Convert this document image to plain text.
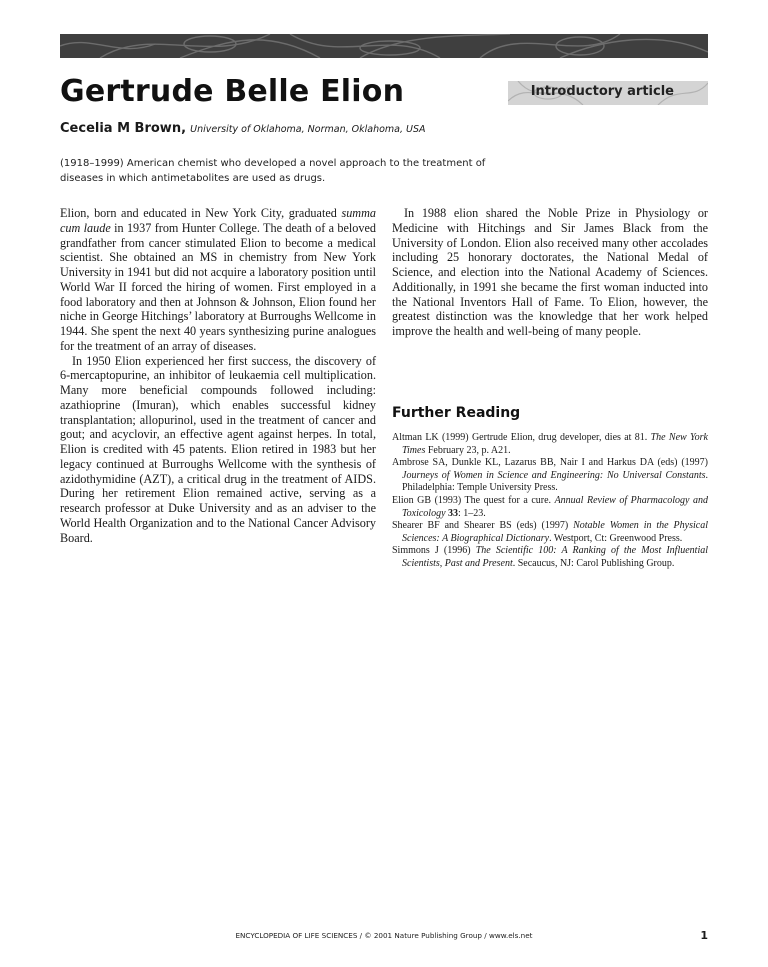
Gertrude Belle Elion	Introductory article
Cecelia M Brown, University of Oklahoma, Norman, Oklahoma, USA

(1918–1999) American chemist who developed a novel approach to the treatment of diseases in which antimetabolites are used as drugs.

Elion, born and educated in New York City, graduated summa cum laude in 1937 from Hunter College. The death of a beloved grandfather from cancer stimulated Elion to become a medical scientist. She obtained an MS in chemistry from New York University in 1941 but did not acquire a laboratory position until World War II forced the hiring of women. First employed in a food laboratory and then at Johnson & Johnson, Elion found her niche in George Hitchings’ laboratory at Burroughs Wellcome in 1944. She spent the next 40 years synthesizing purine analogues for the treatment of an array of diseases.

In 1950 Elion experienced her first success, the discovery of 6-mercaptopurine, an inhibitor of leukaemia cell multiplication. Many more beneficial compounds followed including: azathioprine (Imuran), which enables successful kidney transplantation; allopurinol, used in the treatment of cancer and gout; and acyclovir, an effective agent against herpes. In total, Elion is credited with 45 patents. Elion retired in 1983 but her legacy continued at Burroughs Wellcome with the synthesis of azidothymidine (AZT), a critical drug in the treatment of AIDS. During her retirement Elion remained active, serving as a research professor at Duke University and as an adviser to the World Health Organization and to the National Cancer Advisory Board.

In 1988 elion shared the Noble Prize in Physiology or Medicine with Hitchings and Sir James Black from the University of London. Elion also received many other accolades including 25 honorary doctorates, the National Medal of Science, and election into the National Academy of Sciences. Additionally, in 1991 she became the first woman inducted into the National Inventors Hall of Fame. To Elion, however, the greatest distinction was the knowledge that her work helped improve the health and well-being of many people.

Further Reading
Altman LK (1999) Gertrude Elion, drug developer, dies at 81. The New York Times February 23, p. A21.
Ambrose SA, Dunkle KL, Lazarus BB, Nair I and Harkus DA (eds) (1997) Journeys of Women in Science and Engineering: No Universal Constants. Philadelphia: Temple University Press.
Elion GB (1993) The quest for a cure. Annual Review of Pharmacology and Toxicology 33: 1–23.
Shearer BF and Shearer BS (eds) (1997) Notable Women in the Physical Sciences: A Biographical Dictionary. Westport, Ct: Greenwood Press.
Simmons J (1996) The Scientific 100: A Ranking of the Most Influential Scientists, Past and Present. Secaucus, NJ: Carol Publishing Group.
ENCYCLOPEDIA OF LIFE SCIENCES / © 2001 Nature Publishing Group / www.els.net	1
